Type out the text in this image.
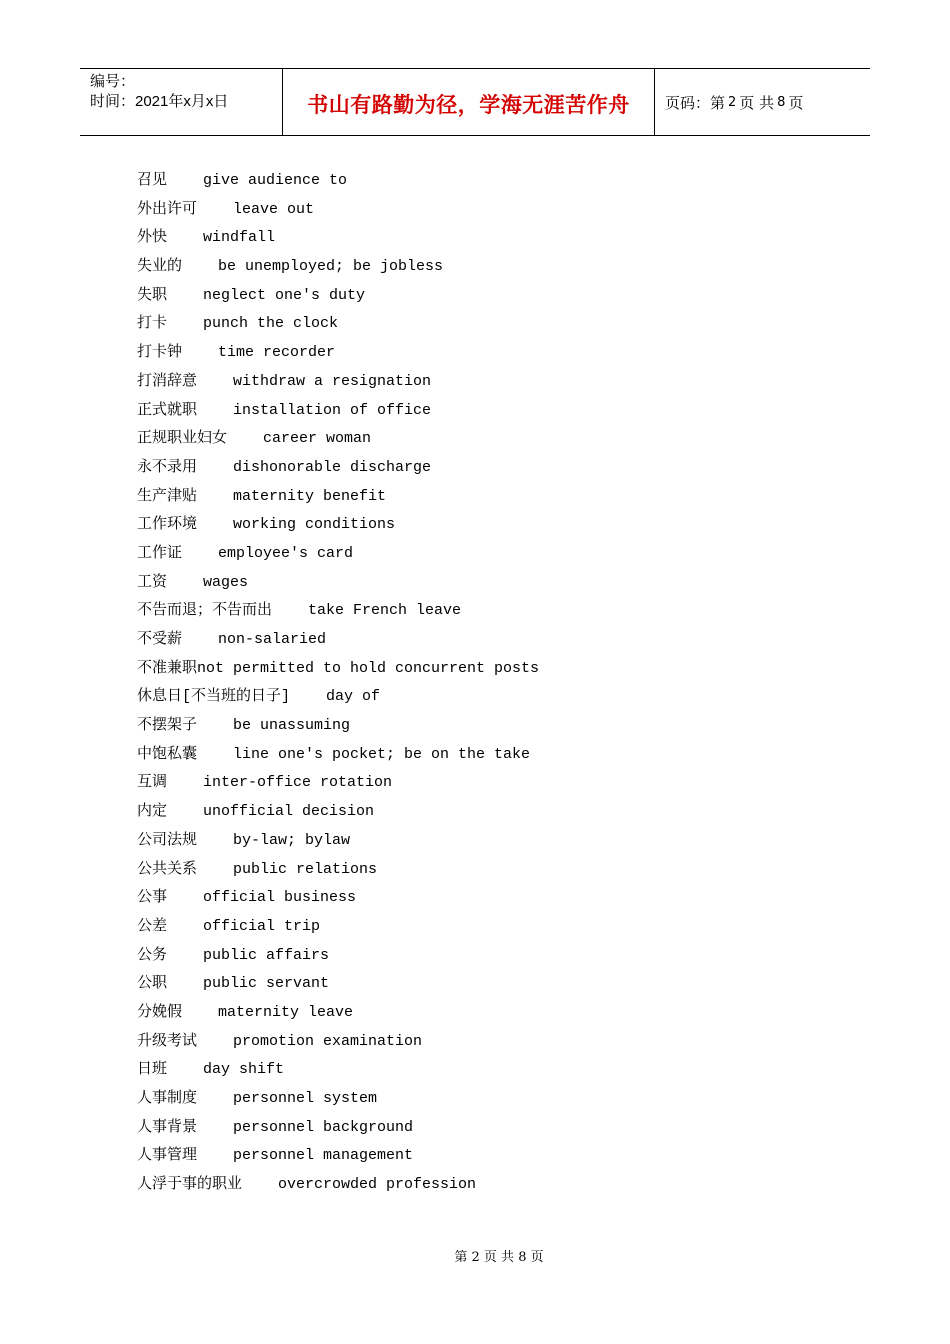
编号：
时间：2021年x月x日	书山有路勤为径，学海无涯苦作舟 页码：第 2 页 共 8 页
召见    give audience to
外出许可    leave out
外快    windfall
失业的    be unemployed; be jobless
失职    neglect one's duty
打卡    punch the clock
打卡钟    time recorder
打消辞意    withdraw a resignation
正式就职    installation of office
正规职业妇女    career woman
永不录用    dishonorable discharge
生产津贴    maternity benefit
工作环境    working conditions
工作证    employee's card
工资    wages
不告而退；不告而出    take French leave
不受薪    non-salaried
不准兼职not permitted to hold concurrent posts
休息日[不当班的日子]    day of
不摆架子    be unassuming
中饱私囊    line one's pocket; be on the take
互调    inter-office rotation
内定    unofficial decision
公司法规    by-law; bylaw
公共关系    public relations
公事    official business
公差    official trip
公务    public affairs
公职    public servant
分娩假    maternity leave
升级考试    promotion examination
日班    day shift
人事制度    personnel system
人事背景    personnel background
人事管理    personnel management
人浮于事的职业    overcrowded profession
第 2 页 共 8 页
